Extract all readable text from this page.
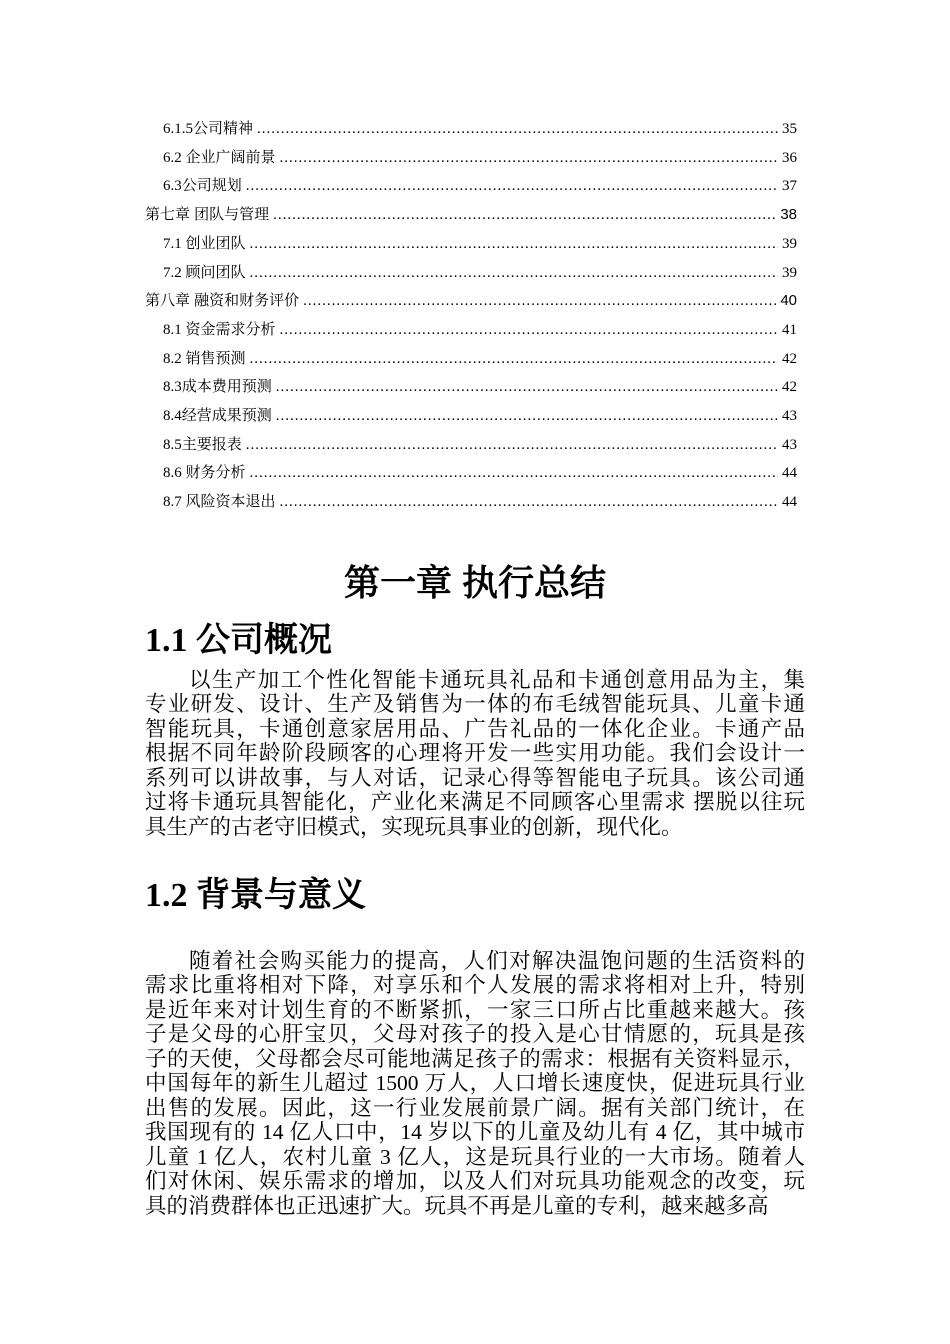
6.1.5公司精神 .....	35
6.2 企业广阔前景 .....	36
6.3公司规划 .....	37
第七章 团队与管理 .....	38
7.1 创业团队 .....	39
7.2 顾问团队 .....	39
第八章 融资和财务评价 .....	40
8.1 资金需求分析 .....	41
8.2 销售预测 .....	42
8.3成本费用预测 .....	42
8.4经营成果预测 .....	43
8.5主要报表 .....	43
8.6 财务分析 .....	44
8.7 风险资本退出 .....	44
第一章 执行总结
1.1 公司概况
以生产加工个性化智能卡通玩具礼品和卡通创意用品为主，集
专业研发、设计、生产及销售为一体的布毛绒智能玩具、儿童卡通
智能玩具，卡通创意家居用品、广告礼品的一体化企业。卡通产品
根据不同年龄阶段顾客的心理将开发一些实用功能。我们会设计一
系列可以讲故事，与人对话，记录心得等智能电子玩具。该公司通
过将卡通玩具智能化，产业化来满足不同顾客心里需求 摆脱以往玩
具生产的古老守旧模式，实现玩具事业的创新，现代化。
1.2 背景与意义
随着社会购买能力的提高，人们对解决温饱问题的生活资料的
需求比重将相对下降，对享乐和个人发展的需求将相对上升，特别
是近年来对计划生育的不断紧抓，一家三口所占比重越来越大。孩
子是父母的心肝宝贝，父母对孩子的投入是心甘情愿的，玩具是孩
子的天使，父母都会尽可能地满足孩子的需求：根据有关资料显示，
中国每年的新生儿超过 1500 万人，人口增长速度快，促进玩具行业
出售的发展。因此，这一行业发展前景广阔。据有关部门统计，在
我国现有的 14 亿人口中，14 岁以下的儿童及幼儿有 4 亿，其中城市
儿童 1 亿人，农村儿童 3 亿人，这是玩具行业的一大市场。随着人
们对休闲、娱乐需求的增加，以及人们对玩具功能观念的改变，玩
具的消费群体也正迅速扩大。玩具不再是儿童的专利，越来越多高
